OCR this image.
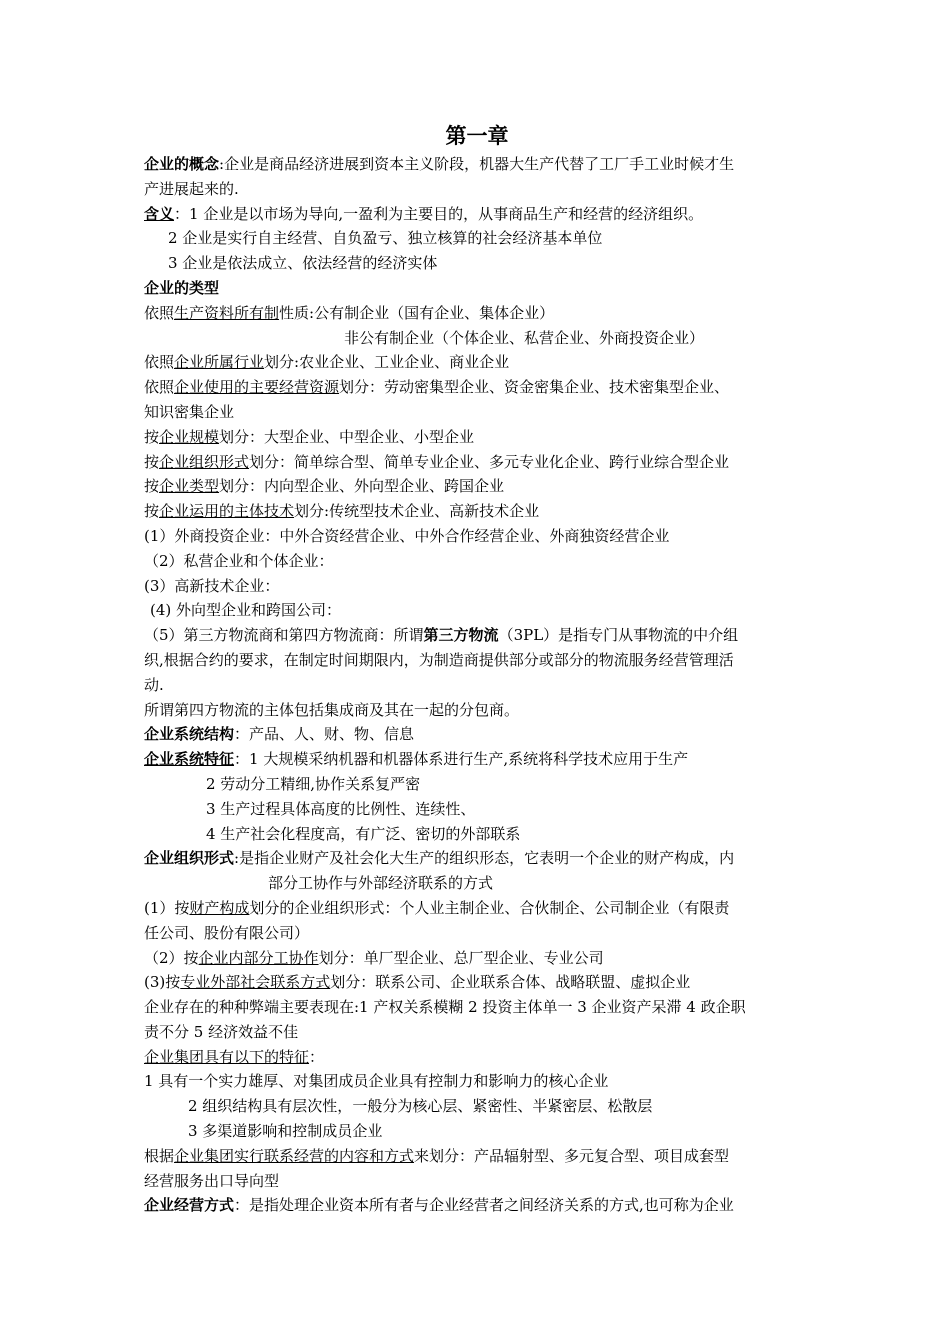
第一章
企业的概念:企业是商品经济进展到资本主义阶段，机器大生产代替了工厂手工业时候才生
产进展起来的.
含义：1 企业是以市场为导向,一盈利为主要目的，从事商品生产和经营的经济组织。
2 企业是实行自主经营、自负盈亏、独立核算的社会经济基本单位
3 企业是依法成立、依法经营的经济实体
企业的类型
依照生产资料所有制性质:公有制企业（国有企业、集体企业）
非公有制企业（个体企业、私营企业、外商投资企业）
依照企业所属行业划分:农业企业、工业企业、商业企业
依照企业使用的主要经营资源划分：劳动密集型企业、资金密集企业、技术密集型企业、
知识密集企业
按企业规模划分：大型企业、中型企业、小型企业
按企业组织形式划分：简单综合型、简单专业企业、多元专业化企业、跨行业综合型企业
按企业类型划分：内向型企业、外向型企业、跨国企业
按企业运用的主体技术划分:传统型技术企业、高新技术企业
(1）外商投资企业：中外合资经营企业、中外合作经营企业、外商独资经营企业
（2）私营企业和个体企业：
(3）高新技术企业：
(4) 外向型企业和跨国公司：
（5）第三方物流商和第四方物流商：所谓第三方物流（3PL）是指专门从事物流的中介组
织,根据合约的要求，在制定时间期限内，为制造商提供部分或部分的物流服务经营管理活
动.
所谓第四方物流的主体包括集成商及其在一起的分包商。
企业系统结构：产品、人、财、物、信息
企业系统特征：1 大规模采纳机器和机器体系进行生产,系统将科学技术应用于生产
2 劳动分工精细,协作关系复严密
3 生产过程具体高度的比例性、连续性、
4 生产社会化程度高，有广泛、密切的外部联系
企业组织形式:是指企业财产及社会化大生产的组织形态，它表明一个企业的财产构成，内
部分工协作与外部经济联系的方式
(1）按财产构成划分的企业组织形式：个人业主制企业、合伙制企、公司制企业（有限责
任公司、股份有限公司）
（2）按企业内部分工协作划分：单厂型企业、总厂型企业、专业公司
(3)按专业外部社会联系方式划分：联系公司、企业联系合体、战略联盟、虚拟企业
企业存在的种种弊端主要表现在:1 产权关系模糊 2 投资主体单一 3 企业资产呆滞 4 政企职
责不分 5 经济效益不佳
企业集团具有以下的特征：
1 具有一个实力雄厚、对集团成员企业具有控制力和影响力的核心企业
2 组织结构具有层次性，一般分为核心层、紧密性、半紧密层、松散层
3 多渠道影响和控制成员企业
根据企业集团实行联系经营的内容和方式来划分：产品辐射型、多元复合型、项目成套型
经营服务出口导向型
企业经营方式：是指处理企业资本所有者与企业经营者之间经济关系的方式,也可称为企业
